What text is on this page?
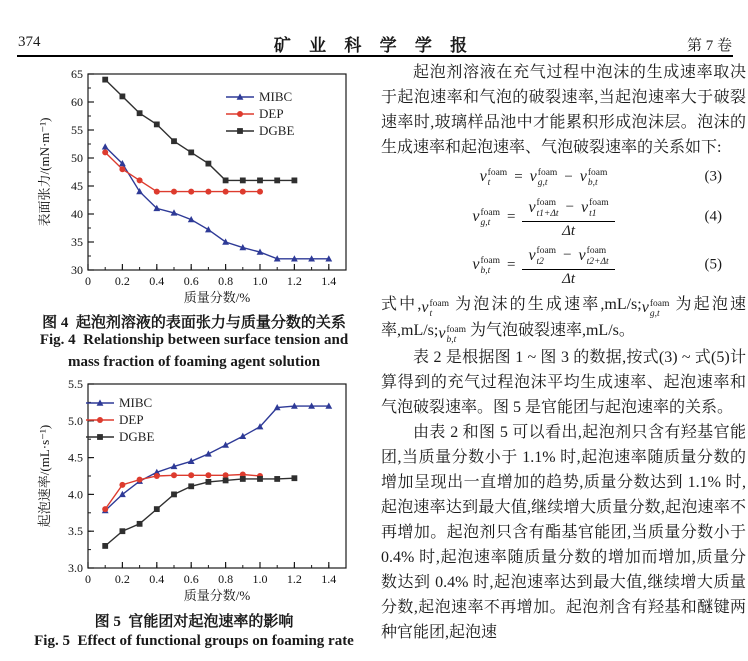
374	矿 业 科 学 学 报	第 7 卷
0 0.2 0.4 0.6 0.8 1.0 1.2 1.4
30
35
40
45
50
55
60
65
质量分数/%
表面张力/(mN·m⁻¹)
MIBC
DEP
DGBE
图 4  起泡剂溶液的表面张力与质量分数的关系
Fig. 4  Relationship between surface tension and
mass fraction of foaming agent solution
0 0.2 0.4 0.6 0.8 1.0 1.2 1.4
3.0
3.5
4.0
4.5
5.0
5.5
质量分数/%
起泡速率/(mL·s⁻¹)
MIBC
DEP
DGBE
图 5  官能团对起泡速率的影响
Fig. 5  Effect of functional groups on foaming rate

起泡剂溶液在充气过程中泡沫的生成速率取决于起泡速率和气泡的破裂速率,当起泡速率大于破裂速率时,玻璃样品池中才能累积形成泡沫层。泡沫的生成速率和起泡速率、气泡破裂速率的关系如下:

v foam
t = v foam
g,t − v foam
b,t	(3)
v foam
g,t = v foam
t1+Δt − v foam
t1
Δt	(4)
v foam
b,t = v foam
t2 − v foam
t2+Δt
Δt	(5)

式中, v foam
t
为泡沫的生成速率,mL/s; v foam
g,t
为起泡速率,mL/s; v foam
b,t
为气泡破裂速率,mL/s。

表 2 是根据图 1 ~ 图 3 的数据,按式(3) ~ 式(5)计算得到的充气过程泡沫平均生成速率、起泡速率和气泡破裂速率。图 5 是官能团与起泡速率的关系。

由表 2 和图 5 可以看出,起泡剂只含有羟基官能团,当质量分数小于 1.1% 时,起泡速率随质量分数的增加呈现出一直增加的趋势,质量分数达到 1.1% 时,起泡速率达到最大值,继续增大质量分数,起泡速率不再增加。起泡剂只含有酯基官能团,当质量分数小于 0.4% 时,起泡速率随质量分数的增加而增加,质量分数达到 0.4% 时,起泡速率达到最大值,继续增大质量分数,起泡速率不再增加。起泡剂含有羟基和醚键两种官能团,起泡速
